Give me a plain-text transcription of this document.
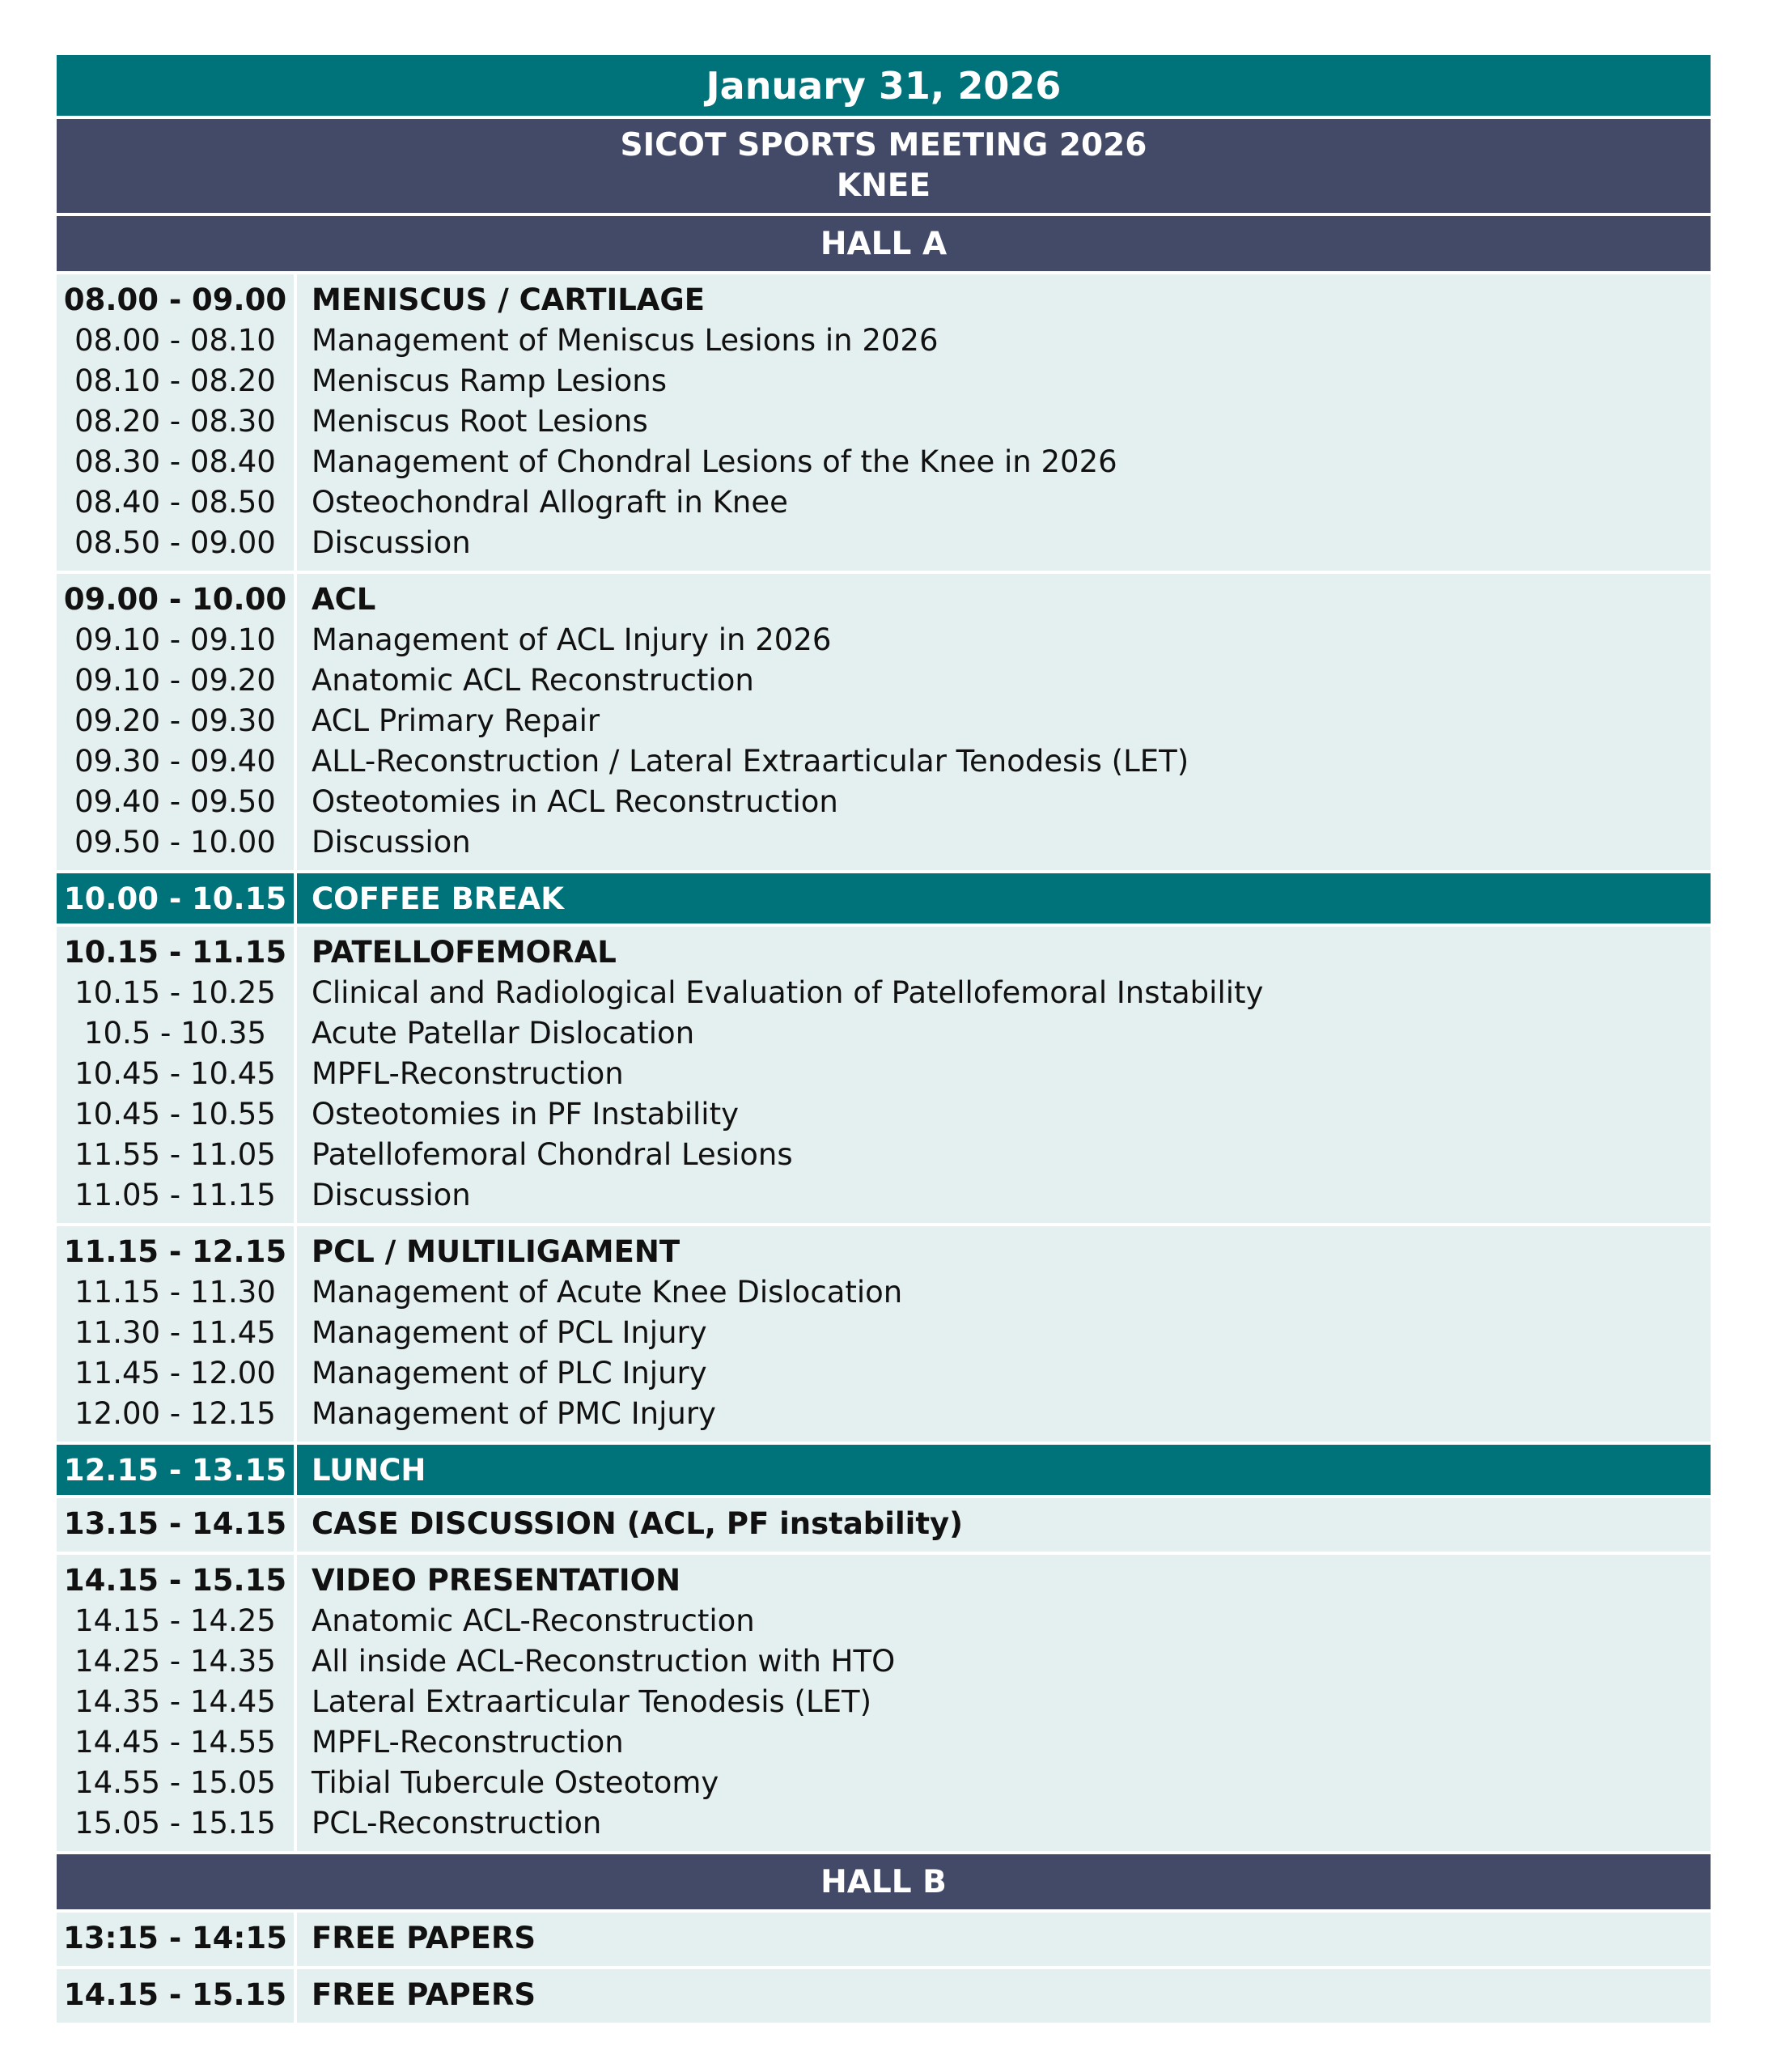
January 31, 2026
SICOT SPORTS MEETING 2026
KNEE
HALL A
08.00 - 09.00
08.00 - 08.10
08.10 - 08.20
08.20 - 08.30
08.30 - 08.40
08.40 - 08.50
08.50 - 09.00
MENISCUS / CARTILAGE
Management of Meniscus Lesions in 2026
Meniscus Ramp Lesions
Meniscus Root Lesions
Management of Chondral Lesions of the Knee in 2026
Osteochondral Allograft in Knee
Discussion
09.00 - 10.00
09.10 - 09.10
09.10 - 09.20
09.20 - 09.30
09.30 - 09.40
09.40 - 09.50
09.50 - 10.00
ACL
Management of ACL Injury in 2026
Anatomic ACL Reconstruction
ACL Primary Repair
ALL-Reconstruction / Lateral Extraarticular Tenodesis (LET)
Osteotomies in ACL Reconstruction
Discussion
10.00 - 10.15 COFFEE BREAK
10.15 - 11.15
10.15 - 10.25
10.5 - 10.35
10.45 - 10.45
10.45 - 10.55
11.55 - 11.05
11.05 - 11.15
PATELLOFEMORAL
Clinical and Radiological Evaluation of Patellofemoral Instability
Acute Patellar Dislocation
MPFL-Reconstruction
Osteotomies in PF Instability
Patellofemoral Chondral Lesions
Discussion
11.15 - 12.15
11.15 - 11.30
11.30 - 11.45
11.45 - 12.00
12.00 - 12.15
PCL / MULTILIGAMENT
Management of Acute Knee Dislocation
Management of PCL Injury
Management of PLC Injury
Management of PMC Injury
12.15 - 13.15 LUNCH
13.15 - 14.15 CASE DISCUSSION (ACL, PF instability)
14.15 - 15.15
14.15 - 14.25
14.25 - 14.35
14.35 - 14.45
14.45 - 14.55
14.55 - 15.05
15.05 - 15.15
VIDEO PRESENTATION
Anatomic ACL-Reconstruction
All inside ACL-Reconstruction with HTO
Lateral Extraarticular Tenodesis (LET)
MPFL-Reconstruction
Tibial Tubercule Osteotomy
PCL-Reconstruction
HALL B
13:15 - 14:15 FREE PAPERS
14.15 - 15.15 FREE PAPERS
